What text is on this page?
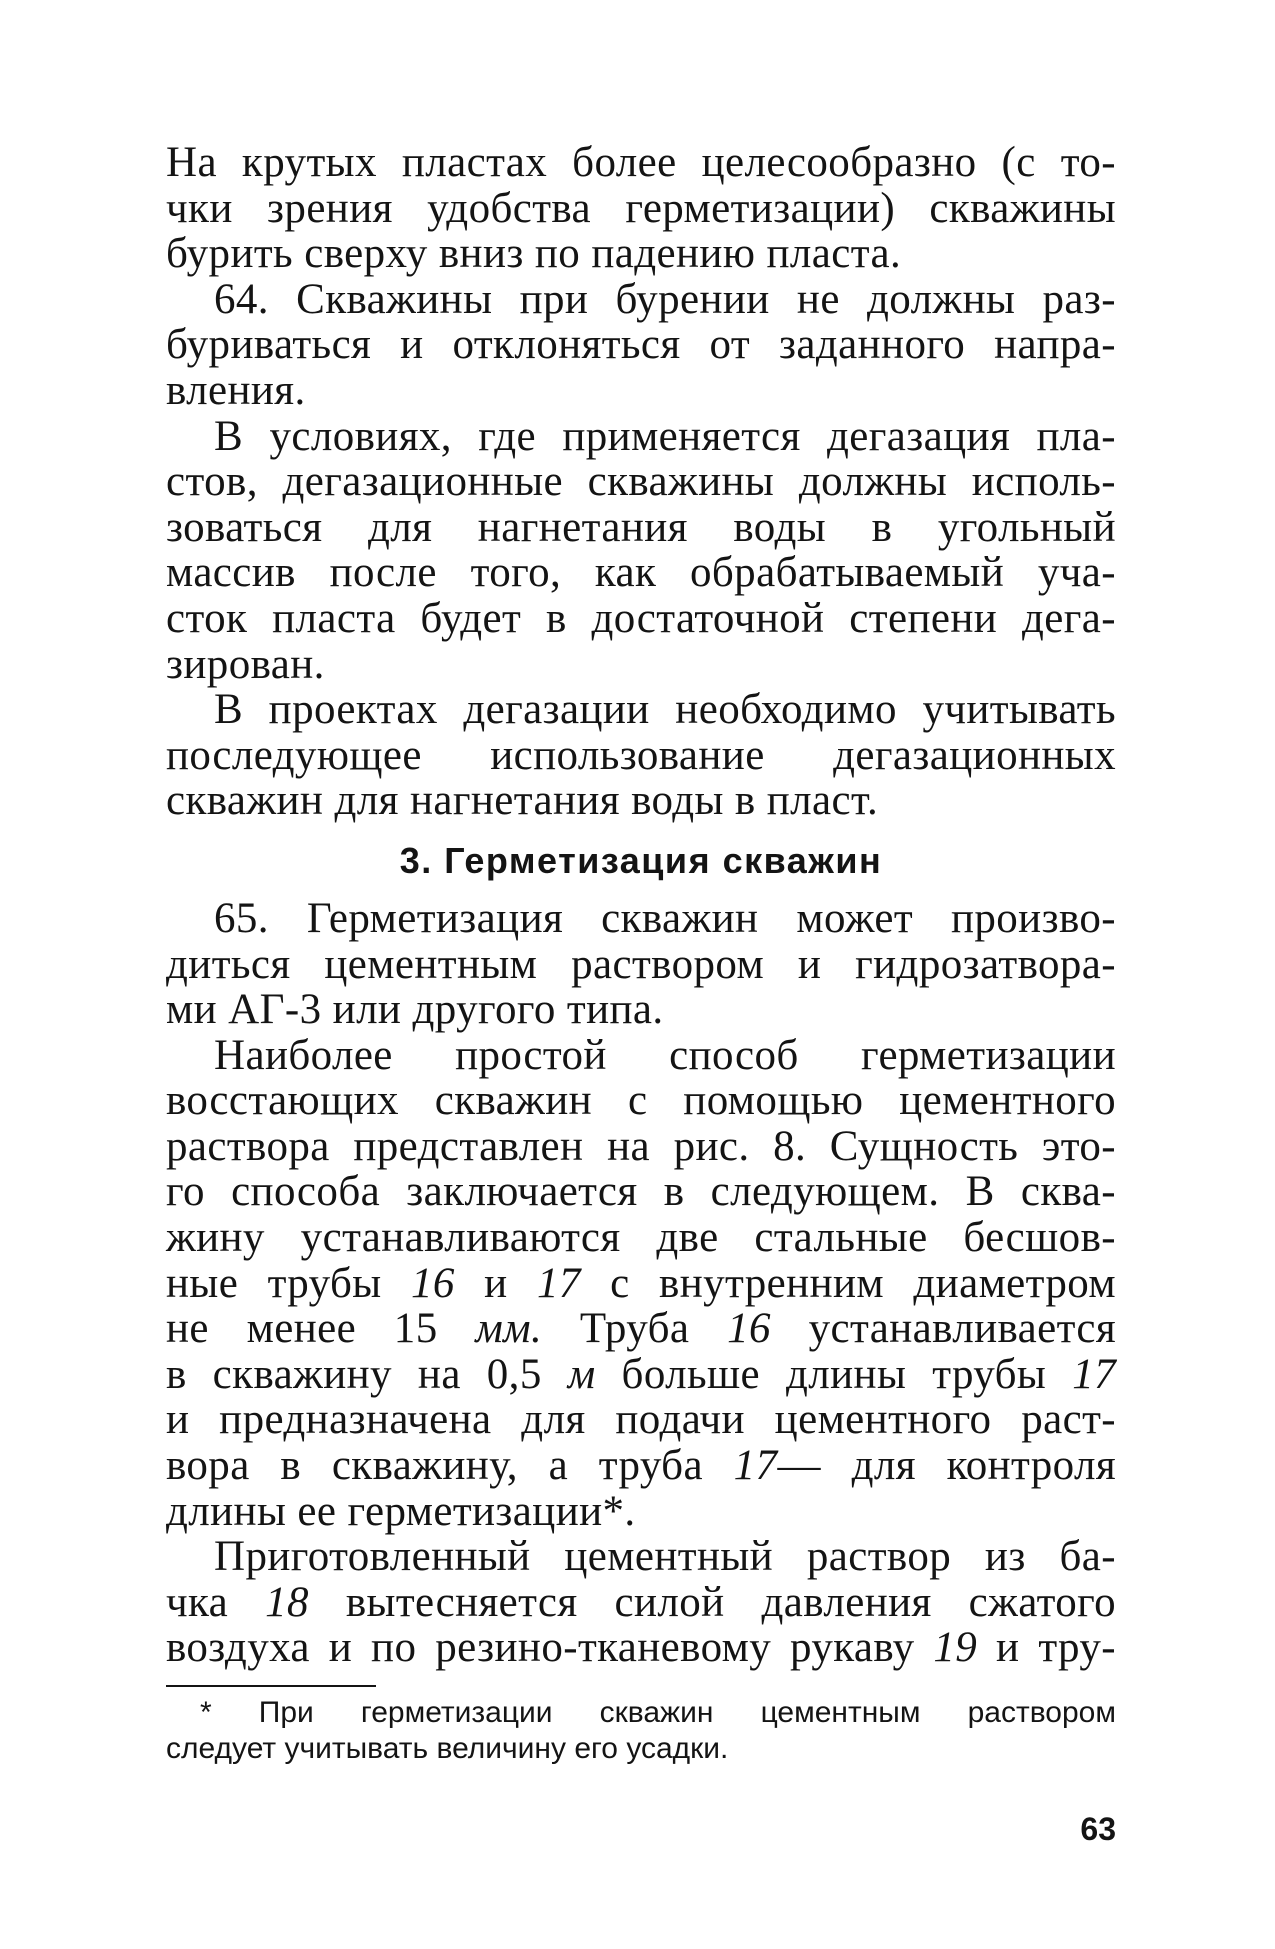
На крутых пластах более целесообразно (с то-
чки зрения удобства герметизации) скважины
бурить сверху вниз по падению пласта.
64. Скважины при бурении не должны раз-
буриваться и отклоняться от заданного напра-
вления.
В условиях, где применяется дегазация пла-
стов, дегазационные скважины должны исполь-
зоваться для нагнетания воды в угольный
массив после того, как обрабатываемый уча-
сток пласта будет в достаточной степени дега-
зирован.
В проектах дегазации необходимо учитывать
последующее использование дегазационных
скважин для нагнетания воды в пласт.
3. Герметизация скважин
65. Герметизация скважин может произво-
диться цементным раствором и гидрозатвора-
ми АГ-3 или другого типа.
Наиболее простой способ герметизации
восстающих скважин с помощью цементного
раствора представлен на рис. 8. Сущность это-
го способа заключается в следующем. В сква-
жину устанавливаются две стальные бесшов-
ные трубы 16 и 17 с внутренним диаметром
не менее 15 мм. Труба 16 устанавливается
в скважину на 0,5 м больше длины трубы 17
и предназначена для подачи цементного раст-
вора в скважину, а труба 17— для контроля
длины ее герметизации*.
Приготовленный цементный раствор из ба-
чка 18 вытесняется силой давления сжатого
воздуха и по резино-тканевому рукаву 19 и тру-
* При герметизации скважин цементным раствором
следует учитывать величину его усадки.
63
